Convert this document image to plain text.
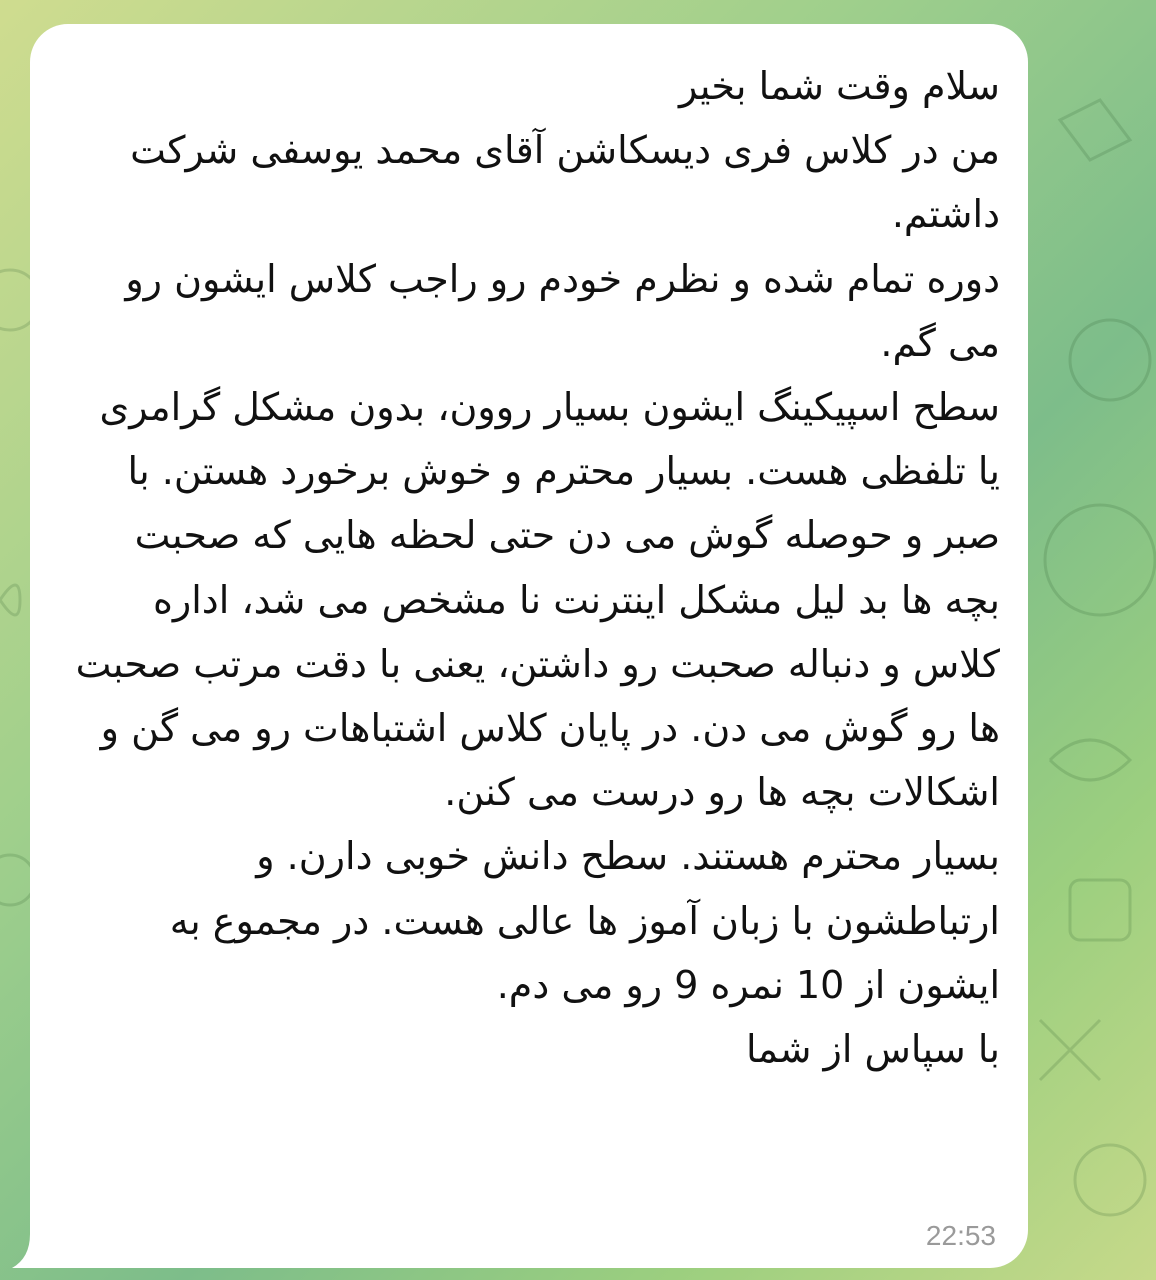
سلام وقت شما بخیر
من در کلاس فری دیسکاشن آقای محمد یوسفی شرکت داشتم.
دوره تمام شده و نظرم خودم رو راجب کلاس ایشون رو می گم.
سطح اسپیکینگ ایشون بسیار روون، بدون مشکل گرامری یا تلفظی هست. بسیار محترم و خوش برخورد هستن. با صبر و حوصله گوش می دن حتی لحظه هایی که صحبت بچه ها بد لیل مشکل اینترنت نا مشخص می شد، اداره کلاس و دنباله صحبت رو داشتن، یعنی با دقت مرتب صحبت ها رو گوش می دن. در پایان کلاس اشتباهات رو می گن و اشکالات بچه ها رو درست می کنن.
بسیار محترم هستند. سطح دانش خوبی دارن. و ارتباطشون با زبان آموز ها عالی هست. در مجموع به ایشون از 10 نمره 9 رو می دم.
با سپاس از شما
22:53
